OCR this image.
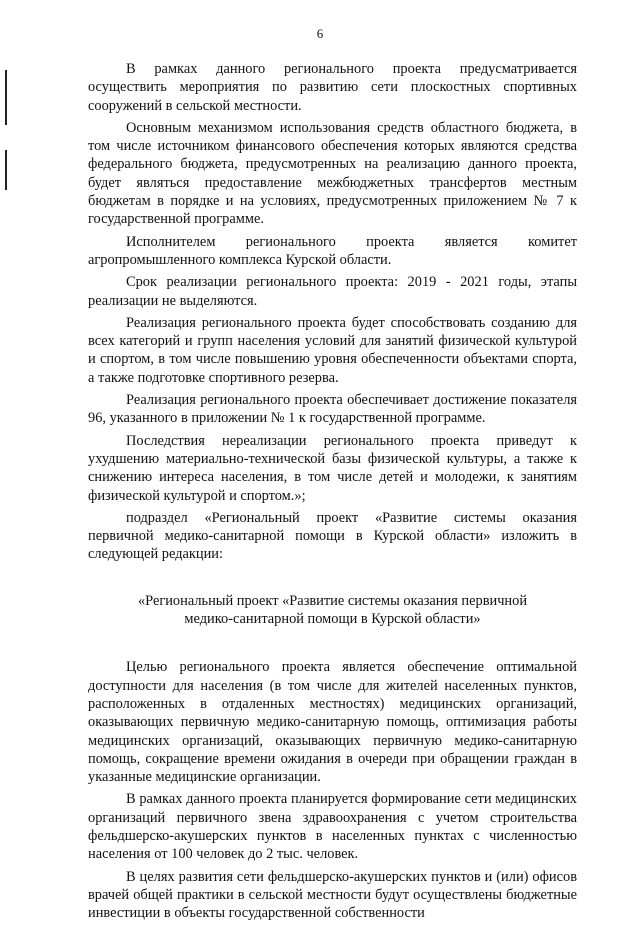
6

В рамках данного регионального проекта предусматривается осуществить мероприятия по развитию сети плоскостных спортивных сооружений в сельской местности.

Основным механизмом использования средств областного бюджета, в том числе источником финансового обеспечения которых являются средства федерального бюджета, предусмотренных на реализацию данного проекта, будет являться предоставление межбюджетных трансфертов местным бюджетам в порядке и на условиях, предусмотренных приложением № 7 к государственной программе.

Исполнителем регионального проекта является комитет агропромышленного комплекса Курской области.

Срок реализации регионального проекта: 2019 - 2021 годы, этапы реализации не выделяются.

Реализация регионального проекта будет способствовать созданию для всех категорий и групп населения условий для занятий физической культурой и спортом, в том числе повышению уровня обеспеченности объектами спорта, а также подготовке спортивного резерва.

Реализация регионального проекта обеспечивает достижение показателя 96, указанного в приложении № 1 к государственной программе.

Последствия нереализации регионального проекта приведут к ухудшению материально-технической базы физической культуры, а также к снижению интереса населения, в том числе детей и молодежи, к занятиям физической культурой и спортом.»;

подраздел «Региональный проект «Развитие системы оказания первичной медико-санитарной помощи в Курской области» изложить в следующей редакции:

«Региональный проект «Развитие системы оказания первичной
медико-санитарной помощи в Курской области»

Целью регионального проекта является обеспечение оптимальной доступности для населения (в том числе для жителей населенных пунктов, расположенных в отдаленных местностях) медицинских организаций, оказывающих первичную медико-санитарную помощь, оптимизация работы медицинских организаций, оказывающих первичную медико-санитарную помощь, сокращение времени ожидания в очереди при обращении граждан в указанные медицинские организации.

В рамках данного проекта планируется формирование сети медицинских организаций первичного звена здравоохранения с учетом строительства фельдшерско-акушерских пунктов в населенных пунктах с численностью населения от 100 человек до 2 тыс. человек.

В целях развития сети фельдшерско-акушерских пунктов и (или) офисов врачей общей практики в сельской местности будут осуществлены бюджетные инвестиции в объекты государственной собственности
